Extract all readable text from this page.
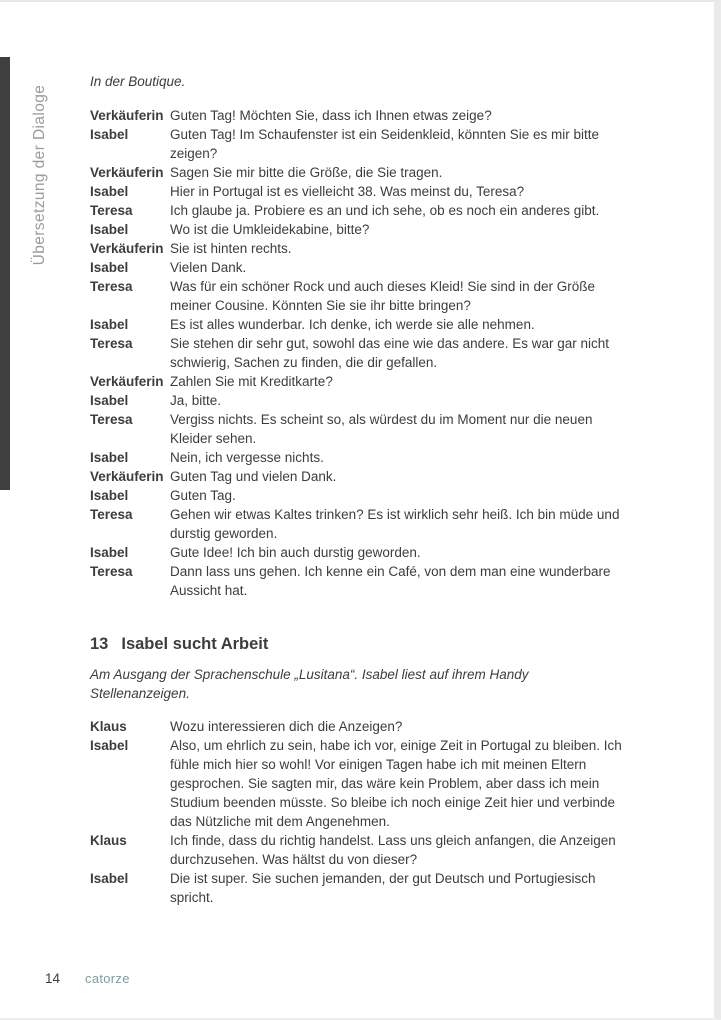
Übersetzung der Dialoge
In der Boutique.
Verkäuferin Guten Tag! Möchten Sie, dass ich Ihnen etwas zeige?
Isabel	Guten Tag! Im Schaufenster ist ein Seidenkleid, könnten Sie es mir bitte zeigen?
Verkäuferin Sagen Sie mir bitte die Größe, die Sie tragen.
Isabel	Hier in Portugal ist es vielleicht 38. Was meinst du, Teresa?
Teresa	Ich glaube ja. Probiere es an und ich sehe, ob es noch ein anderes gibt.
Isabel	Wo ist die Umkleidekabine, bitte?
Verkäuferin Sie ist hinten rechts.
Isabel	Vielen Dank.
Teresa	Was für ein schöner Rock und auch dieses Kleid! Sie sind in der Größe meiner Cousine. Könnten Sie sie ihr bitte bringen?
Isabel	Es ist alles wunderbar. Ich denke, ich werde sie alle nehmen.
Teresa	Sie stehen dir sehr gut, sowohl das eine wie das andere. Es war gar nicht schwierig, Sachen zu finden, die dir gefallen.
Verkäuferin Zahlen Sie mit Kreditkarte?
Isabel	Ja, bitte.
Teresa	Vergiss nichts. Es scheint so, als würdest du im Moment nur die neuen Kleider sehen.
Isabel	Nein, ich vergesse nichts.
Verkäuferin Guten Tag und vielen Dank.
Isabel	Guten Tag.
Teresa	Gehen wir etwas Kaltes trinken? Es ist wirklich sehr heiß. Ich bin müde und durstig geworden.
Isabel	Gute Idee! Ich bin auch durstig geworden.
Teresa	Dann lass uns gehen. Ich kenne ein Café, von dem man eine wunderbare Aussicht hat.
13 Isabel sucht Arbeit
Am Ausgang der Sprachenschule „Lusitana“. Isabel liest auf ihrem Handy Stellenanzeigen.
Klaus	Wozu interessieren dich die Anzeigen?
Isabel	Also, um ehrlich zu sein, habe ich vor, einige Zeit in Portugal zu bleiben. Ich fühle mich hier so wohl! Vor einigen Tagen habe ich mit meinen Eltern gesprochen. Sie sagten mir, das wäre kein Problem, aber dass ich mein Studium beenden müsste. So bleibe ich noch einige Zeit hier und verbinde das Nützliche mit dem Angenehmen.
Klaus	Ich finde, dass du richtig handelst. Lass uns gleich anfangen, die Anzeigen durchzusehen. Was hältst du von dieser?
Isabel	Die ist super. Sie suchen jemanden, der gut Deutsch und Portugiesisch spricht.
14 catorze
